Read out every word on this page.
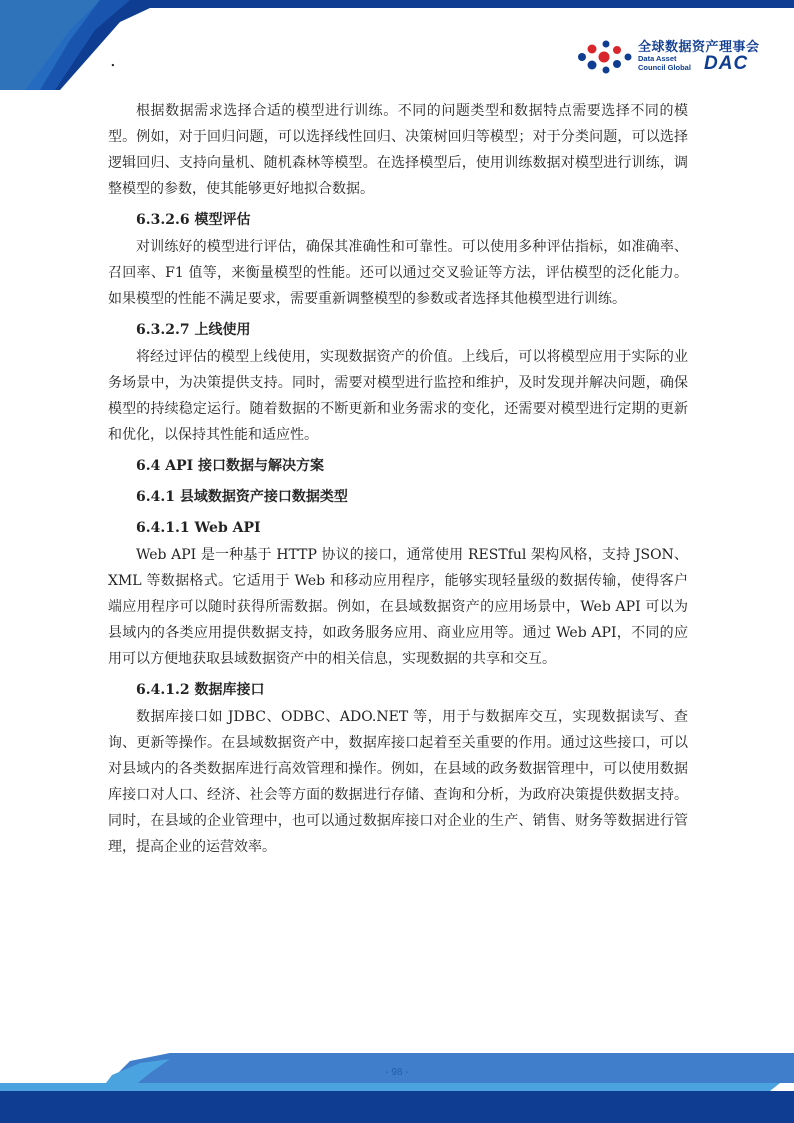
.
全球数据资产理事会
Data Asset
Council Global DAC

根据数据需求选择合适的模型进行训练。不同的问题类型和数据特点需要选择不同的模型。例如，对于回归问题，可以选择线性回归、决策树回归等模型；对于分类问题，可以选择逻辑回归、支持向量机、随机森林等模型。在选择模型后，使用训练数据对模型进行训练，调整模型的参数，使其能够更好地拟合数据。

6.3.2.6 模型评估

对训练好的模型进行评估，确保其准确性和可靠性。可以使用多种评估指标，如准确率、召回率、F1 值等，来衡量模型的性能。还可以通过交叉验证等方法，评估模型的泛化能力。如果模型的性能不满足要求，需要重新调整模型的参数或者选择其他模型进行训练。

6.3.2.7 上线使用

将经过评估的模型上线使用，实现数据资产的价值。上线后，可以将模型应用于实际的业务场景中，为决策提供支持。同时，需要对模型进行监控和维护，及时发现并解决问题，确保模型的持续稳定运行。随着数据的不断更新和业务需求的变化，还需要对模型进行定期的更新和优化，以保持其性能和适应性。

6.4 API 接口数据与解决方案
6.4.1 县域数据资产接口数据类型
6.4.1.1 Web API

Web API 是一种基于 HTTP 协议的接口，通常使用 RESTful 架构风格，支持 JSON、XML 等数据格式。它适用于 Web 和移动应用程序，能够实现轻量级的数据传输，使得客户端应用程序可以随时获得所需数据。例如，在县域数据资产的应用场景中，Web API 可以为县域内的各类应用提供数据支持，如政务服务应用、商业应用等。通过 Web API，不同的应用可以方便地获取县域数据资产中的相关信息，实现数据的共享和交互。

6.4.1.2 数据库接口

数据库接口如 JDBC、ODBC、ADO.NET 等，用于与数据库交互，实现数据读写、查询、更新等操作。在县域数据资产中，数据库接口起着至关重要的作用。通过这些接口，可以对县域内的各类数据库进行高效管理和操作。例如，在县域的政务数据管理中，可以使用数据库接口对人口、经济、社会等方面的数据进行存储、查询和分析，为政府决策提供数据支持。同时，在县域的企业管理中，也可以通过数据库接口对企业的生产、销售、财务等数据进行管理，提高企业的运营效率。
